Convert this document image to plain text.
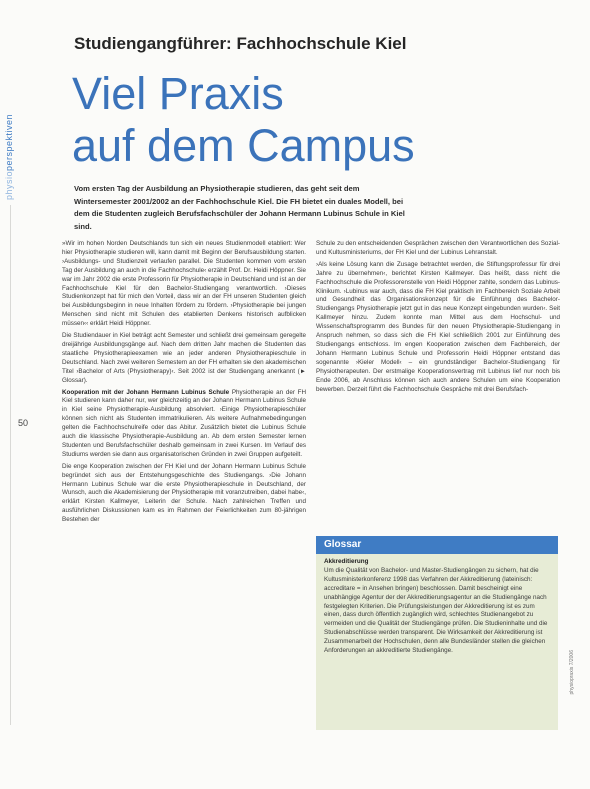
physioperspektiven
50
Studiengangführer: Fachhochschule Kiel
Viel Praxis
auf dem Campus

Vom ersten Tag der Ausbildung an Physiotherapie studieren, das geht seit dem Wintersemester 2001/2002 an der Fachhochschule Kiel. Die FH bietet ein duales Modell, bei dem die Studenten zugleich Berufsfachschüler der Johann Hermann Lubinus Schule in Kiel sind.

»Wir im hohen Norden Deutschlands tun sich ein neues Studienmodell etabliert: Wer hier Physiotherapie studieren will, kann damit mit Beginn der Berufsausbildung starten. ›Ausbildungs- und Studienzeit verlaufen parallel. Die Studenten kommen vom ersten Tag der Ausbildung an auch in die Fachhochschule‹ erzählt Prof. Dr. Heidi Höppner. Sie war im Jahr 2002 die erste Professorin für Physiotherapie in Deutschland und ist an der Fachhochschule Kiel für den Bachelor-Studiengang verantwortlich. ›Dieses Studienkonzept hat für mich den Vorteil, dass wir an der FH unseren Studenten gleich bei Ausbildungsbeginn in neue Inhalten fördern zu fördern. ›Physiotherapie bei jungen Menschen sind nicht mit Schulen des etablierten Denkens historisch aufblicken müssen‹‹ erklärt Heidi Höppner.

Die Studiendauer in Kiel beträgt acht Semester und schließt drei gemeinsam geregelte dreijährige Ausbildungsgänge auf. Nach dem dritten Jahr machen die Studenten das staatliche Physiotherapieexamen wie an jeder anderen Physiotherapieschule in Deutschland. Nach zwei weiteren Semestern an der FH erhalten sie den akademischen Titel ›Bachelor of Arts (Physiotherapy)‹. Seit 2002 ist der Studiengang anerkannt (► Glossar).

Kooperation mit der Johann Hermann Lubinus Schule Physiotherapie an der FH Kiel studieren kann daher nur, wer gleichzeitig an der Johann Hermann Lubinus Schule in Kiel seine Physiotherapie-Ausbildung absolviert. ›Einige Physiotherapieschüler können sich nicht als Studenten immatrikulieren. Als weitere Aufnahmebedingungen gelten die Fachhochschulreife oder das Abitur. Zusätzlich bietet die Lubinus Schule auch die klassische Physiotherapie-Ausbildung an. Ab dem ersten Semester lernen Studenten und Berufsfachschüler deshalb gemeinsam in zwei Kursen. Im Verlauf des Studiums werden sie dann aus organisatorischen Gründen in zwei Gruppen aufgeteilt.

Die enge Kooperation zwischen der FH Kiel und der Johann Hermann Lubinus Schule begründet sich aus der Entstehungsgeschichte des Studiengangs. ›Die Johann Hermann Lubinus Schule war die erste Physiotherapieschule in Deutschland, der Wunsch, auch die Akademisierung der Physiotherapie mit voranzutreiben, dabei habe‹, erklärt Kirsten Kallmeyer, Leiterin der Schule. Nach zahlreichen Treffen und ausführlichen Diskussionen kam es im Rahmen der Feierlichkeiten zum 80-jährigen Bestehen der

Schule zu den entscheidenden Gesprächen zwischen den Verantwortlichen des Sozial- und Kultusministeriums, der FH Kiel und der Lubinus Lehranstalt.

›Als keine Lösung kann die Zusage betrachtet werden, die Stiftungsprofessur für drei Jahre zu übernehmen‹, berichtet Kirsten Kallmeyer. Das heißt, dass nicht die Fachhochschule die Professorenstelle von Heidi Höppner zahlte, sondern das Lubinus-Klinikum. ›Lubinus war auch, dass die FH Kiel praktisch im Fachbereich Soziale Arbeit und Gesundheit das Organisationskonzept für die Einführung des Bachelor-Studiengangs Physiotherapie jetzt gut in das neue Konzept eingebunden wurden‹. Seit Kallmeyer hinzu. Zudem konnte man Mittel aus dem Hochschul- und Wissenschaftsprogramm des Bundes für den neuen Physiotherapie-Studiengang in Anspruch nehmen, so dass sich die FH Kiel schließlich 2001 zur Einführung des Studiengangs entschloss. Im engen Kooperation zwischen dem Fachbereich, der Johann Hermann Lubinus Schule und Professorin Heidi Höppner entstand das sogenannte ›Kieler Modell‹ – ein grundständiger Bachelor-Studiengang für Physiotherapeuten. Der erstmalige Kooperationsvertrag mit Lubinus lief nur noch bis Ende 2006, ab Anschluss können sich auch andere Schulen um eine Kooperation bewerben. Derzeit führt die Fachhochschule Gespräche mit drei Berufsfach-

Glossar
Akkreditierung

Um die Qualität von Bachelor- und Master-Studiengängen zu sichern, hat die Kultusministerkonferenz 1998 das Verfahren der Akkreditierung (lateinisch: accreditare = in Ansehen bringen) beschlossen. Damit bescheinigt eine unabhängige Agentur der der Akkreditierungsagentur an die Studiengänge nach festgelegten Kriterien. Die Prüfungsleistungen der Akkreditierung ist es zum einen, dass durch öffentlich zugänglich wird, schlechtes Studienangebot zu vermeiden und die Qualität der Studiengänge prüfen. Die Studieninhalte und die Studienabschlüsse werden transparent. Die Wirksamkeit der Akkreditierung ist Zusammenarbeit der Hochschulen, denn alle Bundesländer stellen die gleichen Anforderungen an akkreditierte Studiengänge.	physiopraxis 7/2006
